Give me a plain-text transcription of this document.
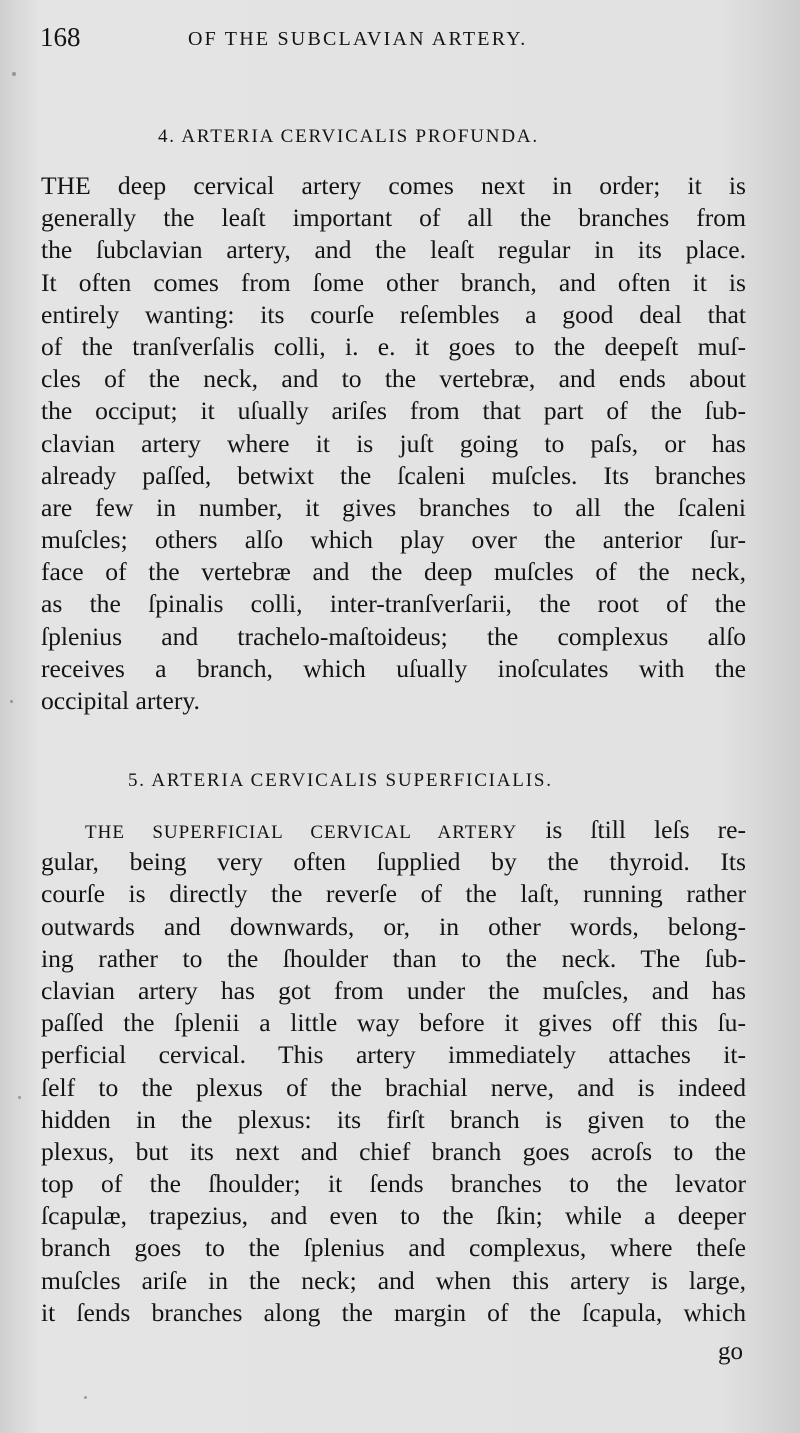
168	OF THE SUBCLAVIAN ARTERY.
4. ARTERIA CERVICALIS PROFUNDA.
THE deep cervical artery comes next in order; it is
generally the leaſt important of all the branches from
the ſubclavian artery, and the leaſt regular in its place.
It often comes from ſome other branch, and often it is
entirely wanting: its courſe reſembles a good deal that
of the tranſverſalis colli, i. e. it goes to the deepeſt muſ-
cles of the neck, and to the vertebræ, and ends about
the occiput; it uſually ariſes from that part of the ſub-
clavian artery where it is juſt going to paſs, or has
already paſſed, betwixt the ſcaleni muſcles. Its branches
are few in number, it gives branches to all the ſcaleni
muſcles; others alſo which play over the anterior ſur-
face of the vertebræ and the deep muſcles of the neck,
as the ſpinalis colli, inter-tranſverſarii, the root of the
ſplenius and trachelo-maſtoideus; the complexus alſo
receives a branch, which uſually inoſculates with the
occipital artery.
5. ARTERIA CERVICALIS SUPERFICIALIS.
THE SUPERFICIAL CERVICAL ARTERY is ſtill leſs re-
gular, being very often ſupplied by the thyroid. Its
courſe is directly the reverſe of the laſt, running rather
outwards and downwards, or, in other words, belong-
ing rather to the ſhoulder than to the neck. The ſub-
clavian artery has got from under the muſcles, and has
paſſed the ſplenii a little way before it gives off this ſu-
perficial cervical. This artery immediately attaches it-
ſelf to the plexus of the brachial nerve, and is indeed
hidden in the plexus: its firſt branch is given to the
plexus, but its next and chief branch goes acroſs to the
top of the ſhoulder; it ſends branches to the levator
ſcapulæ, trapezius, and even to the ſkin; while a deeper
branch goes to the ſplenius and complexus, where theſe
muſcles ariſe in the neck; and when this artery is large,
it ſends branches along the margin of the ſcapula, which
go
